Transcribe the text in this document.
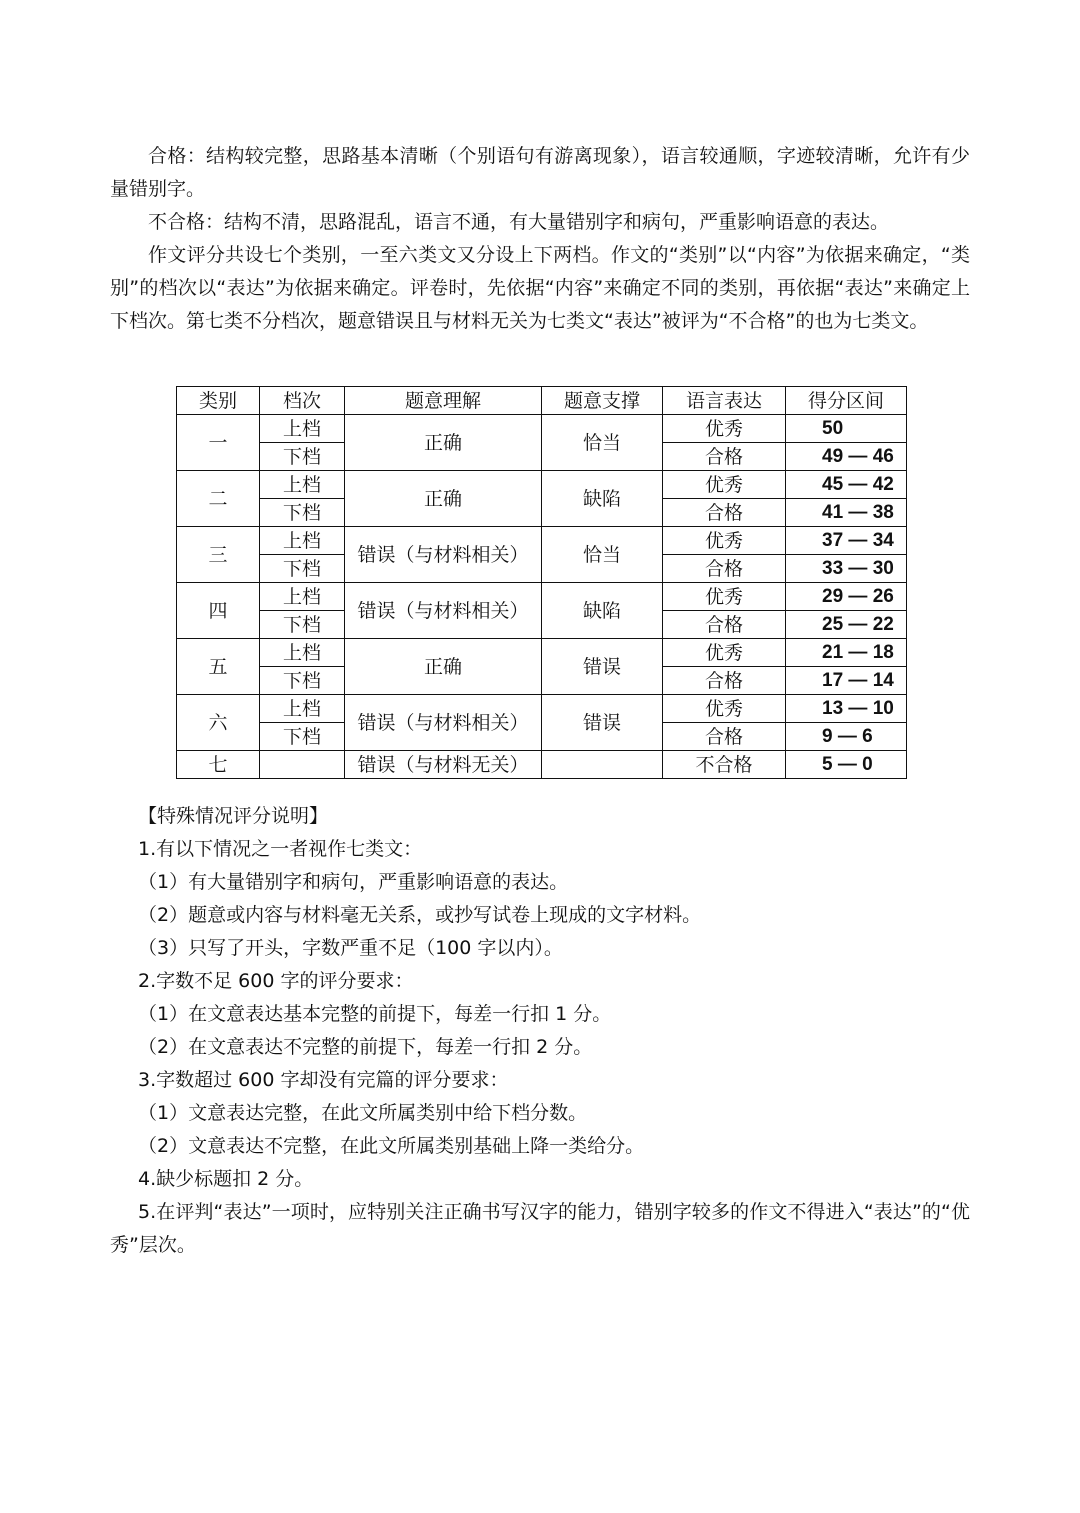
合格：结构较完整，思路基本清晰（个别语句有游离现象），语言较通顺，字迹较清晰，允许有少量错别字。

不合格：结构不清，思路混乱，语言不通，有大量错别字和病句，严重影响语意的表达。

作文评分共设七个类别，一至六类文又分设上下两档。作文的“类别”以“内容”为依据来确定，“类别”的档次以“表达”为依据来确定。评卷时，先依据“内容”来确定不同的类别，再依据“表达”来确定上下档次。第七类不分档次，题意错误且与材料无关为七类文“表达”被评为“不合格”的也为七类文。

类别	档次	题意理解	题意支撑	语言表达	得分区间
一	上档	正确	恰当	优秀	50
	下档			合格	49 — 46
二	上档	正确	缺陷	优秀	45 — 42
	下档			合格	41 — 38
三	上档	错误（与材料相关）	恰当	优秀	37 — 34
	下档			合格	33 — 30
四	上档	错误（与材料相关）	缺陷	优秀	29 — 26
	下档			合格	25 — 22
五	上档	正确	错误	优秀	21 — 18
	下档			合格	17 — 14
六	上档	错误（与材料相关）	错误	优秀	13 — 10
	下档			合格	9 — 6
七		错误（与材料无关）		不合格	5 — 0

【特殊情况评分说明】

1.有以下情况之一者视作七类文：

（1）有大量错别字和病句，严重影响语意的表达。

（2）题意或内容与材料毫无关系，或抄写试卷上现成的文字材料。

（3）只写了开头，字数严重不足（100 字以内）。

2.字数不足 600 字的评分要求：

（1）在文意表达基本完整的前提下，每差一行扣 1 分。

（2）在文意表达不完整的前提下，每差一行扣 2 分。

3.字数超过 600 字却没有完篇的评分要求：

（1）文意表达完整，在此文所属类别中给下档分数。

（2）文意表达不完整，在此文所属类别基础上降一类给分。

4.缺少标题扣 2 分。

5.在评判“表达”一项时，应特别关注正确书写汉字的能力，错别字较多的作文不得进入“表达”的“优秀”层次。
